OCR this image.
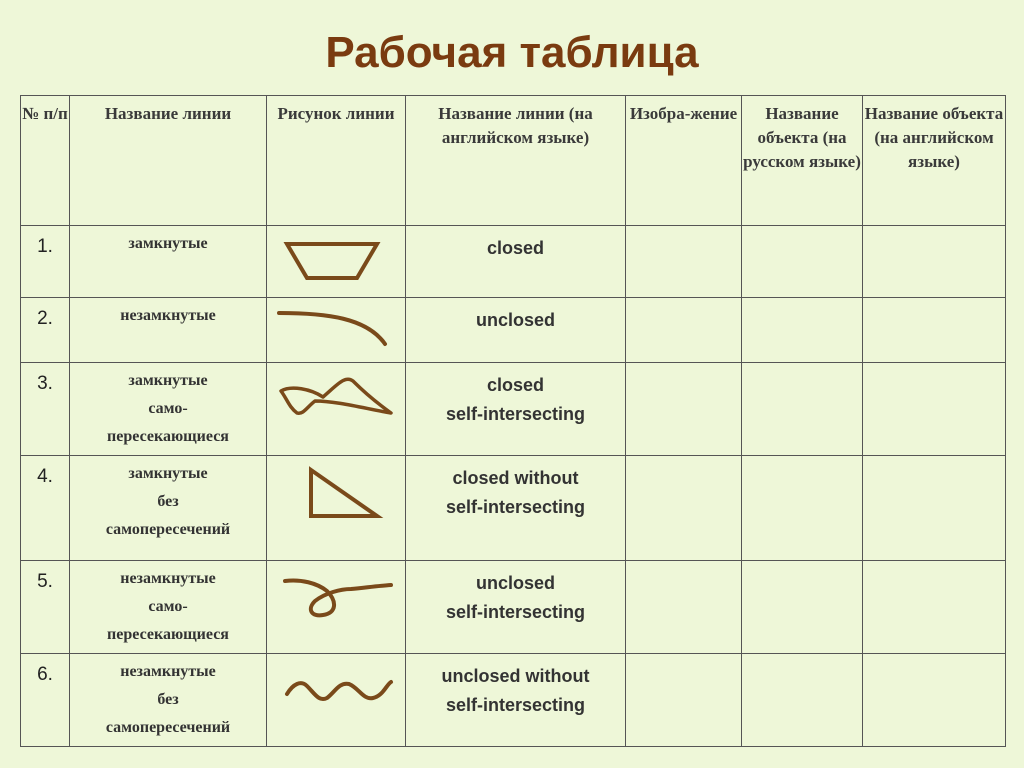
Рабочая таблица
№ п/п	Название линии	Рисунок линии	Название линии (на английском языке)	Изобра-жение	Название объекта (на русском языке)	Название объекта (на английском языке)
1.	замкнутые		closed			

2.	незамкнутые		unclosed			

3.	замкнутые
само-
пересекающиеся		closed
self-intersecting			

4.	замкнутые
без
самопересечений		closed without
self-intersecting			

5.	незамкнутые
само-
пересекающиеся		unclosed
self-intersecting			

6.	незамкнутые
без
самопересечений		unclosed without
self-intersecting			
